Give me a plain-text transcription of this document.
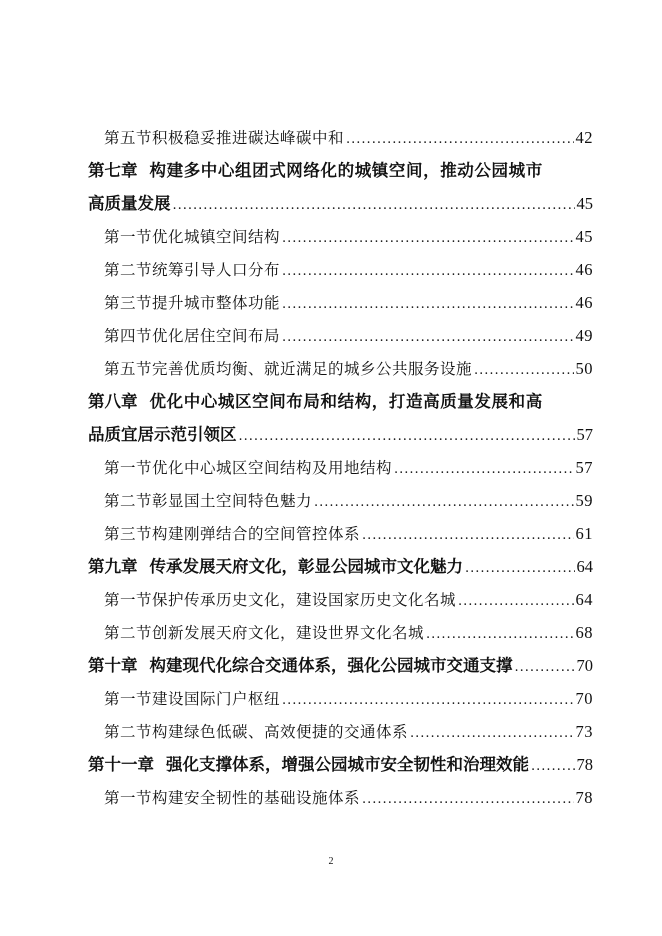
第五节 积极稳妥推进碳达峰碳中和 .....	42
第七章 构建多中心组团式网络化的城镇空间，推动公园城市
高质量发展 .....	45
第一节 优化城镇空间结构 .....	45
第二节 统筹引导人口分布 .....	46
第三节 提升城市整体功能 .....	46
第四节 优化居住空间布局 .....	49
第五节 完善优质均衡、就近满足的城乡公共服务设施 .....	50
第八章 优化中心城区空间布局和结构，打造高质量发展和高
品质宜居示范引领区 .....	57
第一节 优化中心城区空间结构及用地结构 .....	57
第二节 彰显国土空间特色魅力 .....	59
第三节 构建刚弹结合的空间管控体系 .....	61
第九章 传承发展天府文化，彰显公园城市文化魅力 .....	64
第一节 保护传承历史文化，建设国家历史文化名城 .....	64
第二节 创新发展天府文化，建设世界文化名城 .....	68
第十章 构建现代化综合交通体系，强化公园城市交通支撑 .....	70
第一节 建设国际门户枢纽 .....	70
第二节 构建绿色低碳、高效便捷的交通体系 .....	73
第十一章 强化支撑体系，增强公园城市安全韧性和治理效能 .....	78
第一节 构建安全韧性的基础设施体系 .....	78
2
